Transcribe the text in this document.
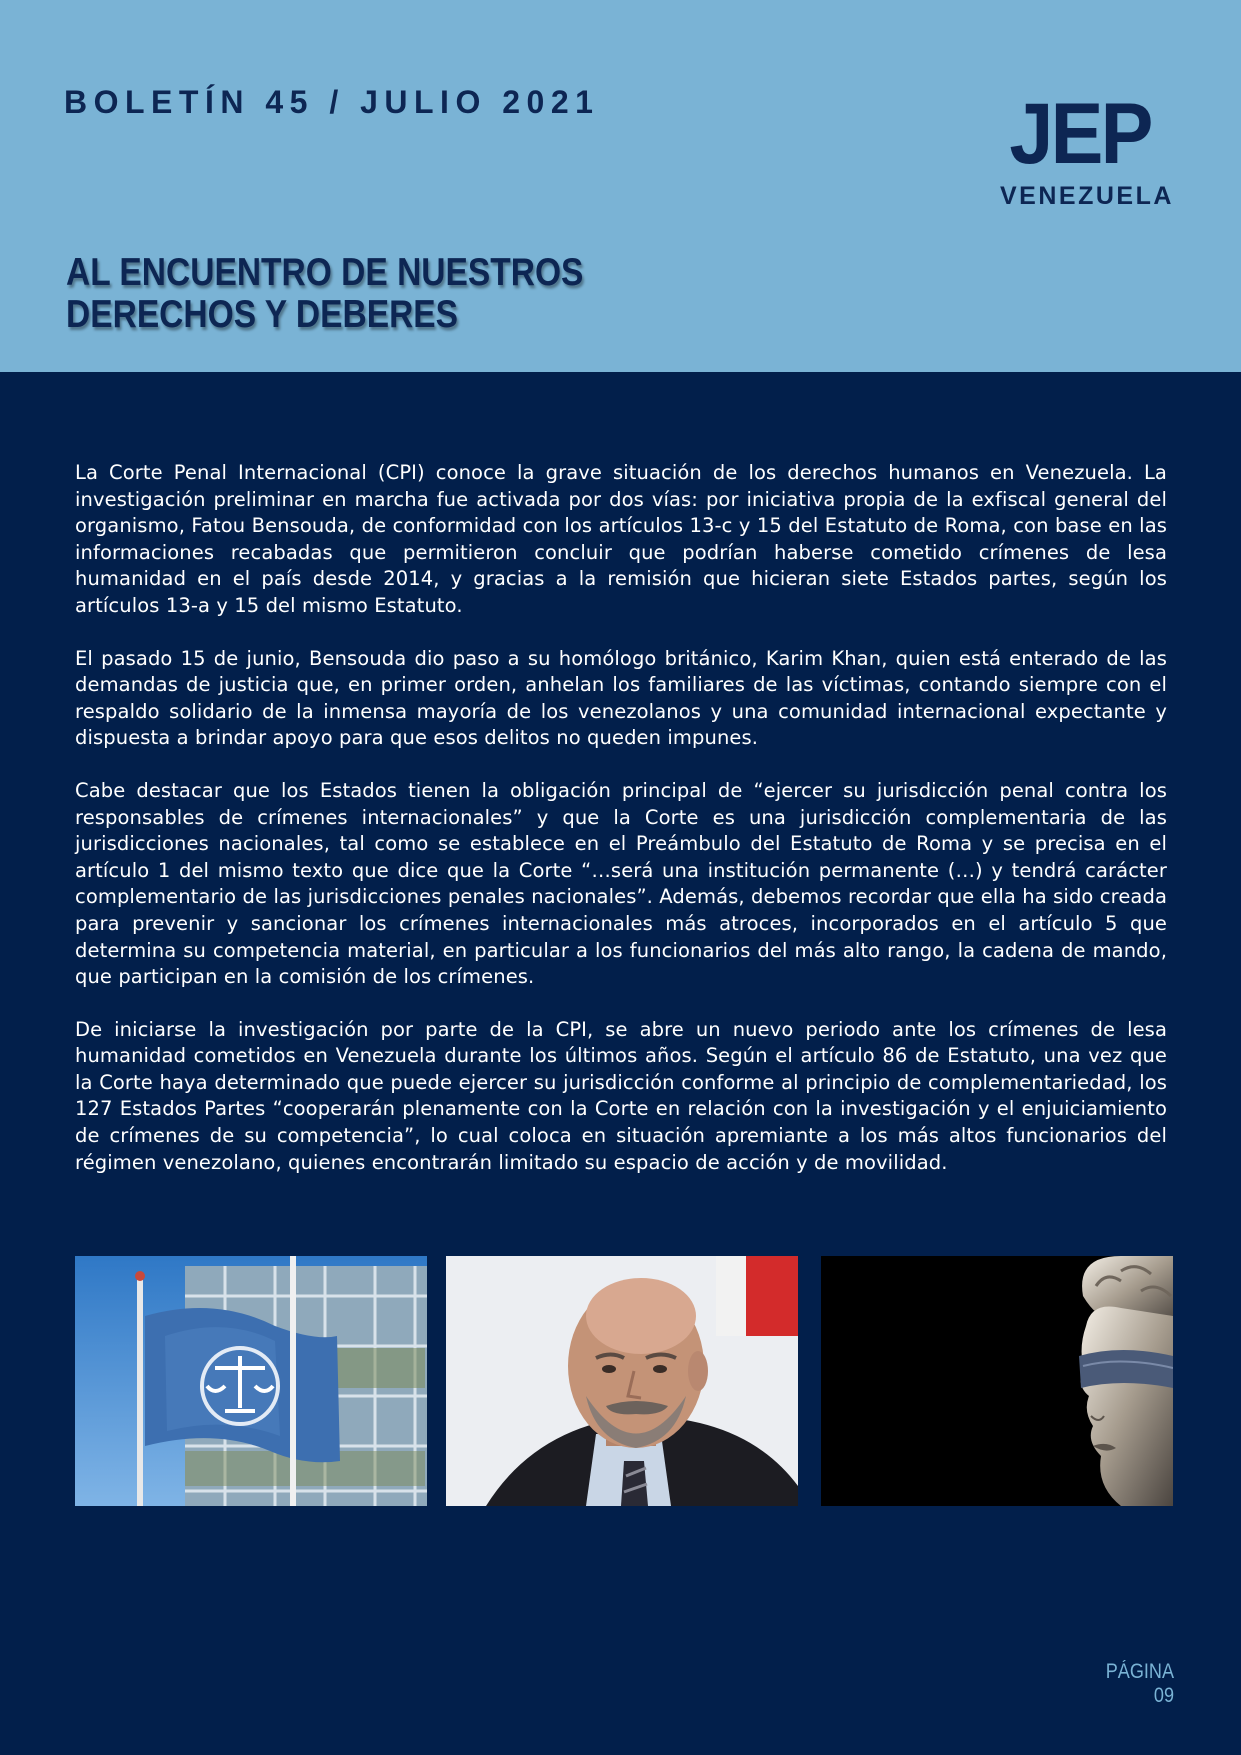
BOLETÍN 45 / JULIO 2021	JEP
VENEZUELA
AL ENCUENTRO DE NUESTROS
DERECHOS Y DEBERES

La Corte Penal Internacional (CPI) conoce la grave situación de los derechos humanos en Venezuela. La investigación preliminar en marcha fue activada por dos vías: por iniciativa propia de la exfiscal general del organismo, Fatou Bensouda, de conformidad con los artículos 13-c y 15 del Estatuto de Roma, con base en las informaciones recabadas que permitieron concluir que podrían haberse cometido crímenes de lesa humanidad en el país desde 2014, y gracias a la remisión que hicieran siete Estados partes, según los artículos 13-a y 15 del mismo Estatuto.

El pasado 15 de junio, Bensouda dio paso a su homólogo británico, Karim Khan, quien está enterado de las demandas de justicia que, en primer orden, anhelan los familiares de las víctimas, contando siempre con el respaldo solidario de la inmensa mayoría de los venezolanos y una comunidad internacional expectante y dispuesta a brindar apoyo para que esos delitos no queden impunes.

Cabe destacar que los Estados tienen la obligación principal de “ejercer su jurisdicción penal contra los responsables de crímenes internacionales” y que la Corte es una jurisdicción complementaria de las jurisdicciones nacionales, tal como se establece en el Preámbulo del Estatuto de Roma y se precisa en el artículo 1 del mismo texto que dice que la Corte “…será una institución permanente (…) y tendrá carácter complementario de las jurisdicciones penales nacionales”. Además, debemos recordar que ella ha sido creada para prevenir y sancionar los crímenes internacionales más atroces, incorporados en el artículo 5 que determina su competencia material, en particular a los funcionarios del más alto rango, la cadena de mando, que participan en la comisión de los crímenes.

De iniciarse la investigación por parte de la CPI, se abre un nuevo periodo ante los crímenes de lesa humanidad cometidos en Venezuela durante los últimos años. Según el artículo 86 de Estatuto, una vez que la Corte haya determinado que puede ejercer su jurisdicción conforme al principio de complementariedad, los 127 Estados Partes “cooperarán plenamente con la Corte en relación con la investigación y el enjuiciamiento de crímenes de su competencia”, lo cual coloca en situación apremiante a los más altos funcionarios del régimen venezolano, quienes encontrarán limitado su espacio de acción y de movilidad.

PÁGINA 09
